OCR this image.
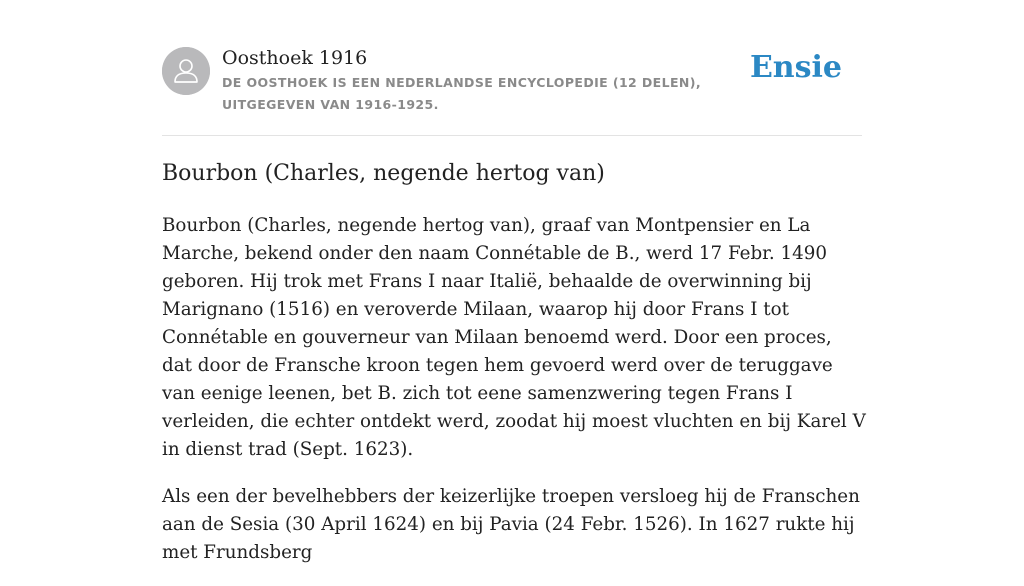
Oosthoek 1916
DE OOSTHOEK IS EEN NEDERLANDSE ENCYCLOPEDIE (12 DELEN), UITGEGEVEN VAN 1916-1925.
Ensie
Bourbon (Charles, negende hertog van)

Bourbon (Charles, negende hertog van), graaf van Montpensier en La Marche, bekend onder den naam Connétable de B., werd 17 Febr. 1490 geboren. Hij trok met Frans I naar Italië, behaalde de overwinning bij Marignano (1516) en veroverde Milaan, waarop hij door Frans I tot Connétable en gouverneur van Milaan benoemd werd. Door een proces, dat door de Fransche kroon tegen hem gevoerd werd over de teruggave van eenige leenen, bet B. zich tot eene samenzwering tegen Frans I verleiden, die echter ontdekt werd, zoodat hij moest vluchten en bij Karel V in dienst trad (Sept. 1623).

Als een der bevelhebbers der keizerlijke troepen versloeg hij de Franschen aan de Sesia (30 April 1624) en bij Pavia (24 Febr. 1526). In 1627 rukte hij met Frundsberg
